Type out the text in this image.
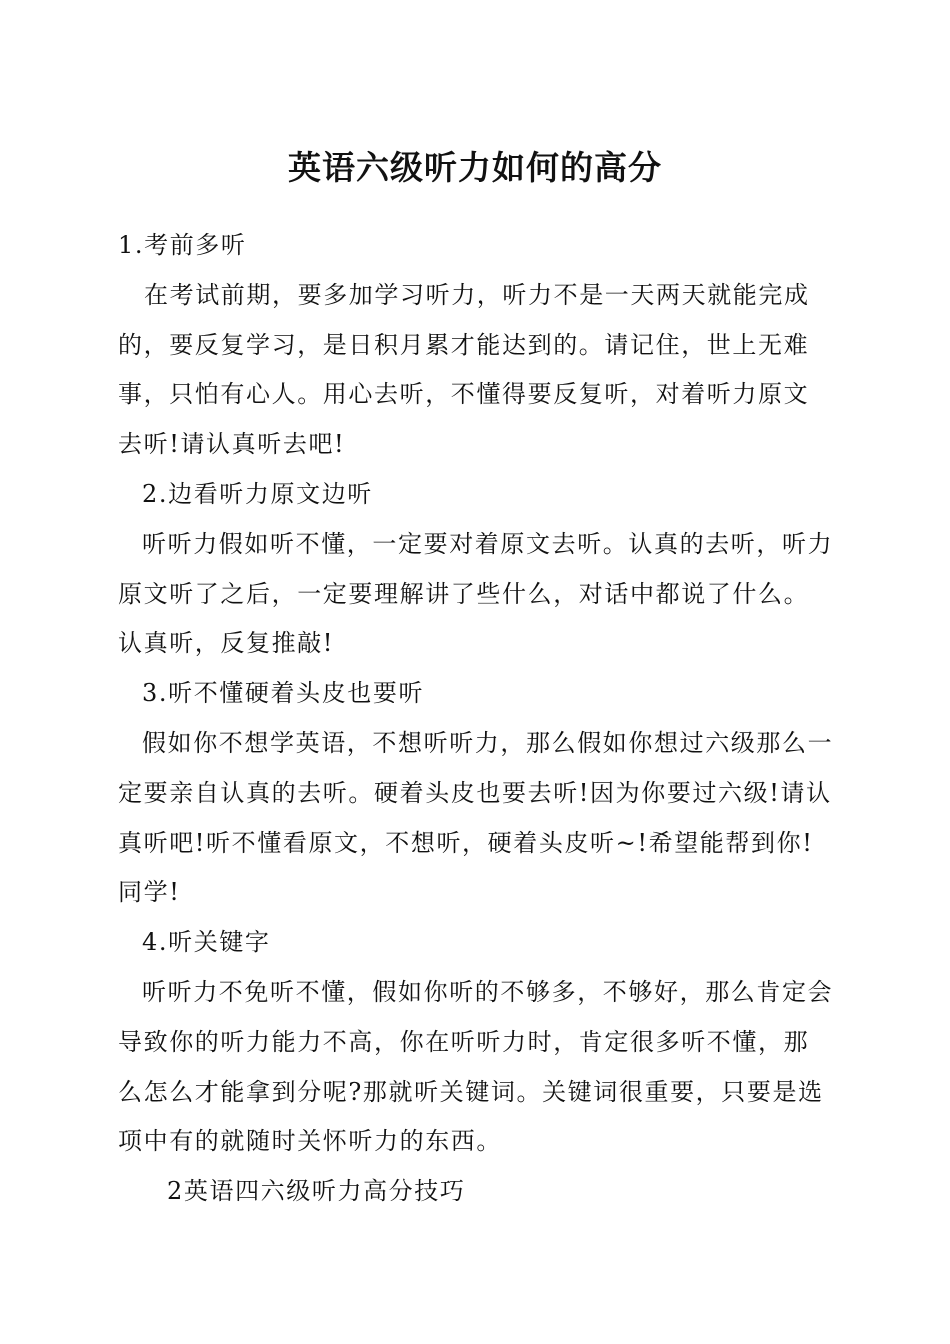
英语六级听力如何的高分

1.考前多听

在考试前期，要多加学习听力，听力不是一天两天就能完成的，要反复学习，是日积月累才能达到的。请记住，世上无难事，只怕有心人。用心去听，不懂得要反复听，对着听力原文去听!请认真听去吧!

2.边看听力原文边听

听听力假如听不懂，一定要对着原文去听。认真的去听，听力原文听了之后，一定要理解讲了些什么，对话中都说了什么。认真听，反复推敲!

3.听不懂硬着头皮也要听

假如你不想学英语，不想听听力，那么假如你想过六级那么一定要亲自认真的去听。硬着头皮也要去听!因为你要过六级!请认真听吧!听不懂看原文，不想听，硬着头皮听~!希望能帮到你!同学!

4.听关键字

听听力不免听不懂，假如你听的不够多，不够好，那么肯定会导致你的听力能力不高，你在听听力时，肯定很多听不懂，那么怎么才能拿到分呢?那就听关键词。关键词很重要，只要是选项中有的就随时关怀听力的东西。

2英语四六级听力高分技巧
